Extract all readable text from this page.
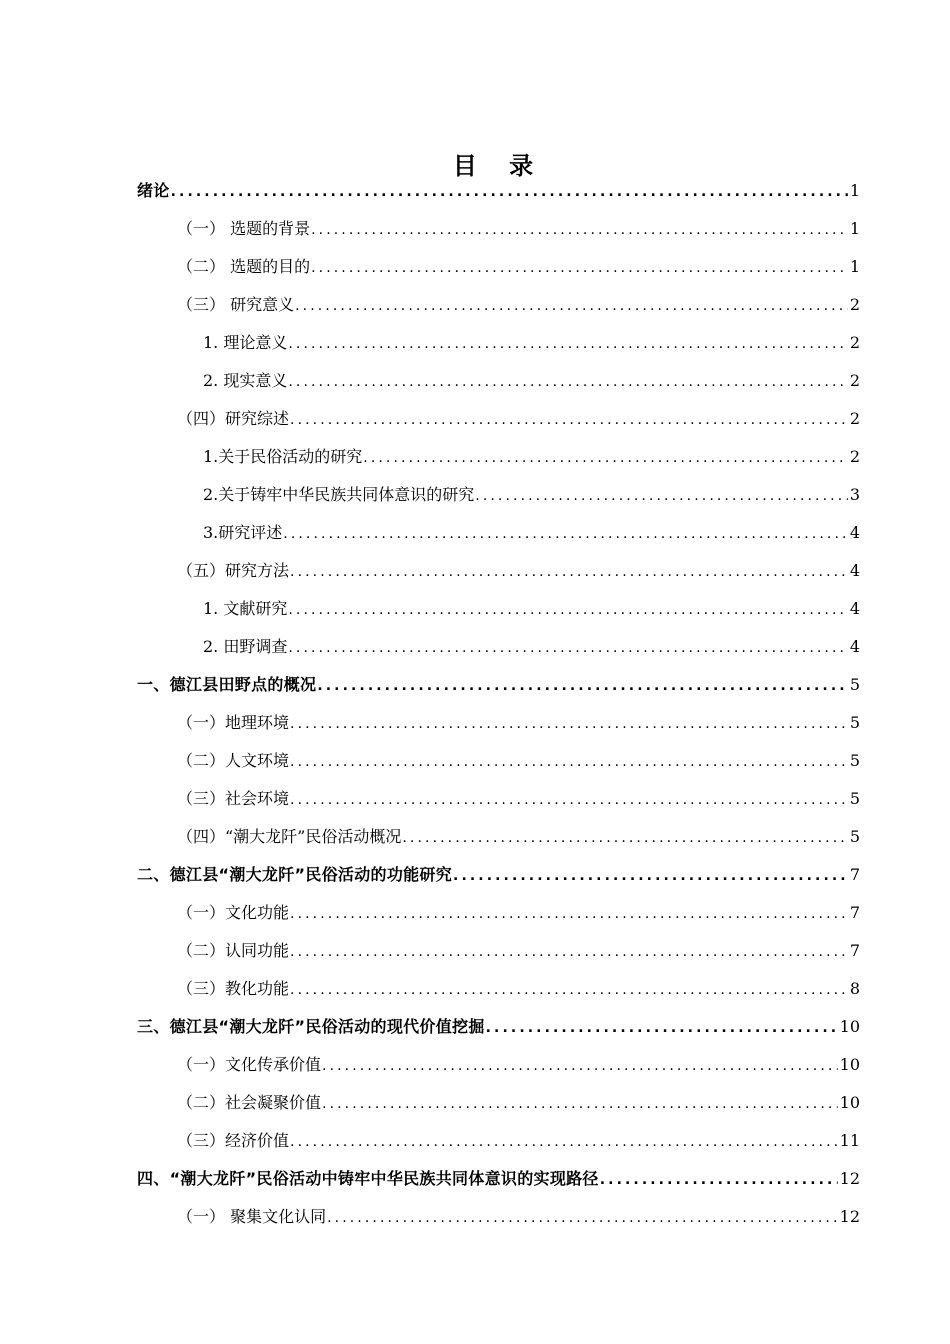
目 录
绪论 .....	1
（一） 选题的背景 .....	1
（二） 选题的目的 .....	1
（三） 研究意义 .....	2
1. 理论意义 .....	2
2. 现实意义 .....	2
（四）研究综述 .....	2
1.关于民俗活动的研究 .....	2
2.关于铸牢中华民族共同体意识的研究 .....	3
3.研究评述 .....	4
（五）研究方法 .....	4
1. 文献研究 .....	4
2. 田野调查 .....	4
一、德江县田野点的概况 .....	5
（一）地理环境 .....	5
（二）人文环境 .....	5
（三）社会环境 .....	5
（四）“潮大龙阡”民俗活动概况 .....	5
二、德江县“潮大龙阡”民俗活动的功能研究 .....	7
（一）文化功能 .....	7
（二）认同功能 .....	7
（三）教化功能 .....	8
三、德江县“潮大龙阡”民俗活动的现代价值挖掘 .....	10
（一）文化传承价值 .....	10
（二）社会凝聚价值 .....	10
（三）经济价值 .....	11
四、“潮大龙阡”民俗活动中铸牢中华民族共同体意识的实现路径 .....	12
（一） 聚集文化认同 .....	12
